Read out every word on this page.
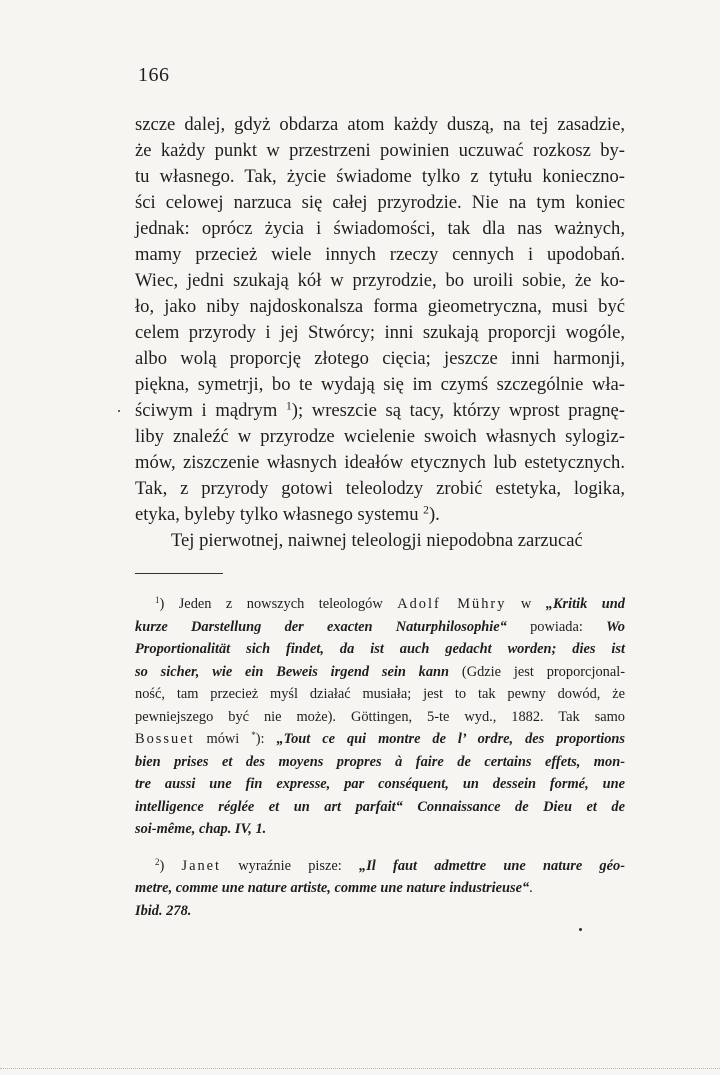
166
szcze dalej, gdyż obdarza atom każdy duszą, na tej zasadzie,
że każdy punkt w przestrzeni powinien uczuwać rozkosz by-
tu własnego. Tak, życie świadome tylko z tytułu konieczno-
ści celowej narzuca się całej przyrodzie. Nie na tym koniec
jednak: oprócz życia i świadomości, tak dla nas ważnych,
mamy przecież wiele innych rzeczy cennych i upodobań.
Wiec, jedni szukają kół w przyrodzie, bo uroili sobie, że ko-
ło, jako niby najdoskonalsza forma gieometryczna, musi być
celem przyrody i jej Stwórcy; inni szukają proporcji wogóle,
albo wolą proporcję złotego cięcia; jeszcze inni harmonji,
piękna, symetrji, bo te wydają się im czymś szczególnie wła-
ściwym i mądrym $^1$); wreszcie są tacy, którzy wprost pragnę-
liby znaleźć w przyrodze wcielenie swoich własnych sylogiz-
mów, ziszczenie własnych ideałów etycznych lub estetycznych.
Tak, z przyrody gotowi teleolodzy zrobić estetyka, logika,
etyka, byleby tylko własnego systemu $^2$).
Tej pierwotnej, naiwnej teleologji niepodobna zarzucać
$^1$) Jeden z nowszych teleologów Adolf Mühry w „Kritik und
kurze Darstellung der exacten Naturphilosophie“ powiada: Wo
Proportionalität sich findet, da ist auch gedacht worden; dies ist
so sicher, wie ein Beweis irgend sein kann (Gdzie jest proporcjonal-
ność, tam przecież myśl działać musiała; jest to tak pewny dowód, że
pewniejszego być nie może). Göttingen, 5-te wyd., 1882. Tak samo
Bossuet mówi *): „Tout ce qui montre de l’ ordre, des proportions
bien prises et des moyens propres à faire de certains effets, mon-
tre aussi une fin expresse, par conséquent, un dessein formé, une
intelligence réglée et un art parfait“ Connaissance de Dieu et de
soi-même, chap. IV, 1.
$^2$) Janet wyraźnie pisze: „Il faut admettre une nature géo-
metre, comme une nature artiste, comme une nature industrieuse“.
Ibid. 278.
